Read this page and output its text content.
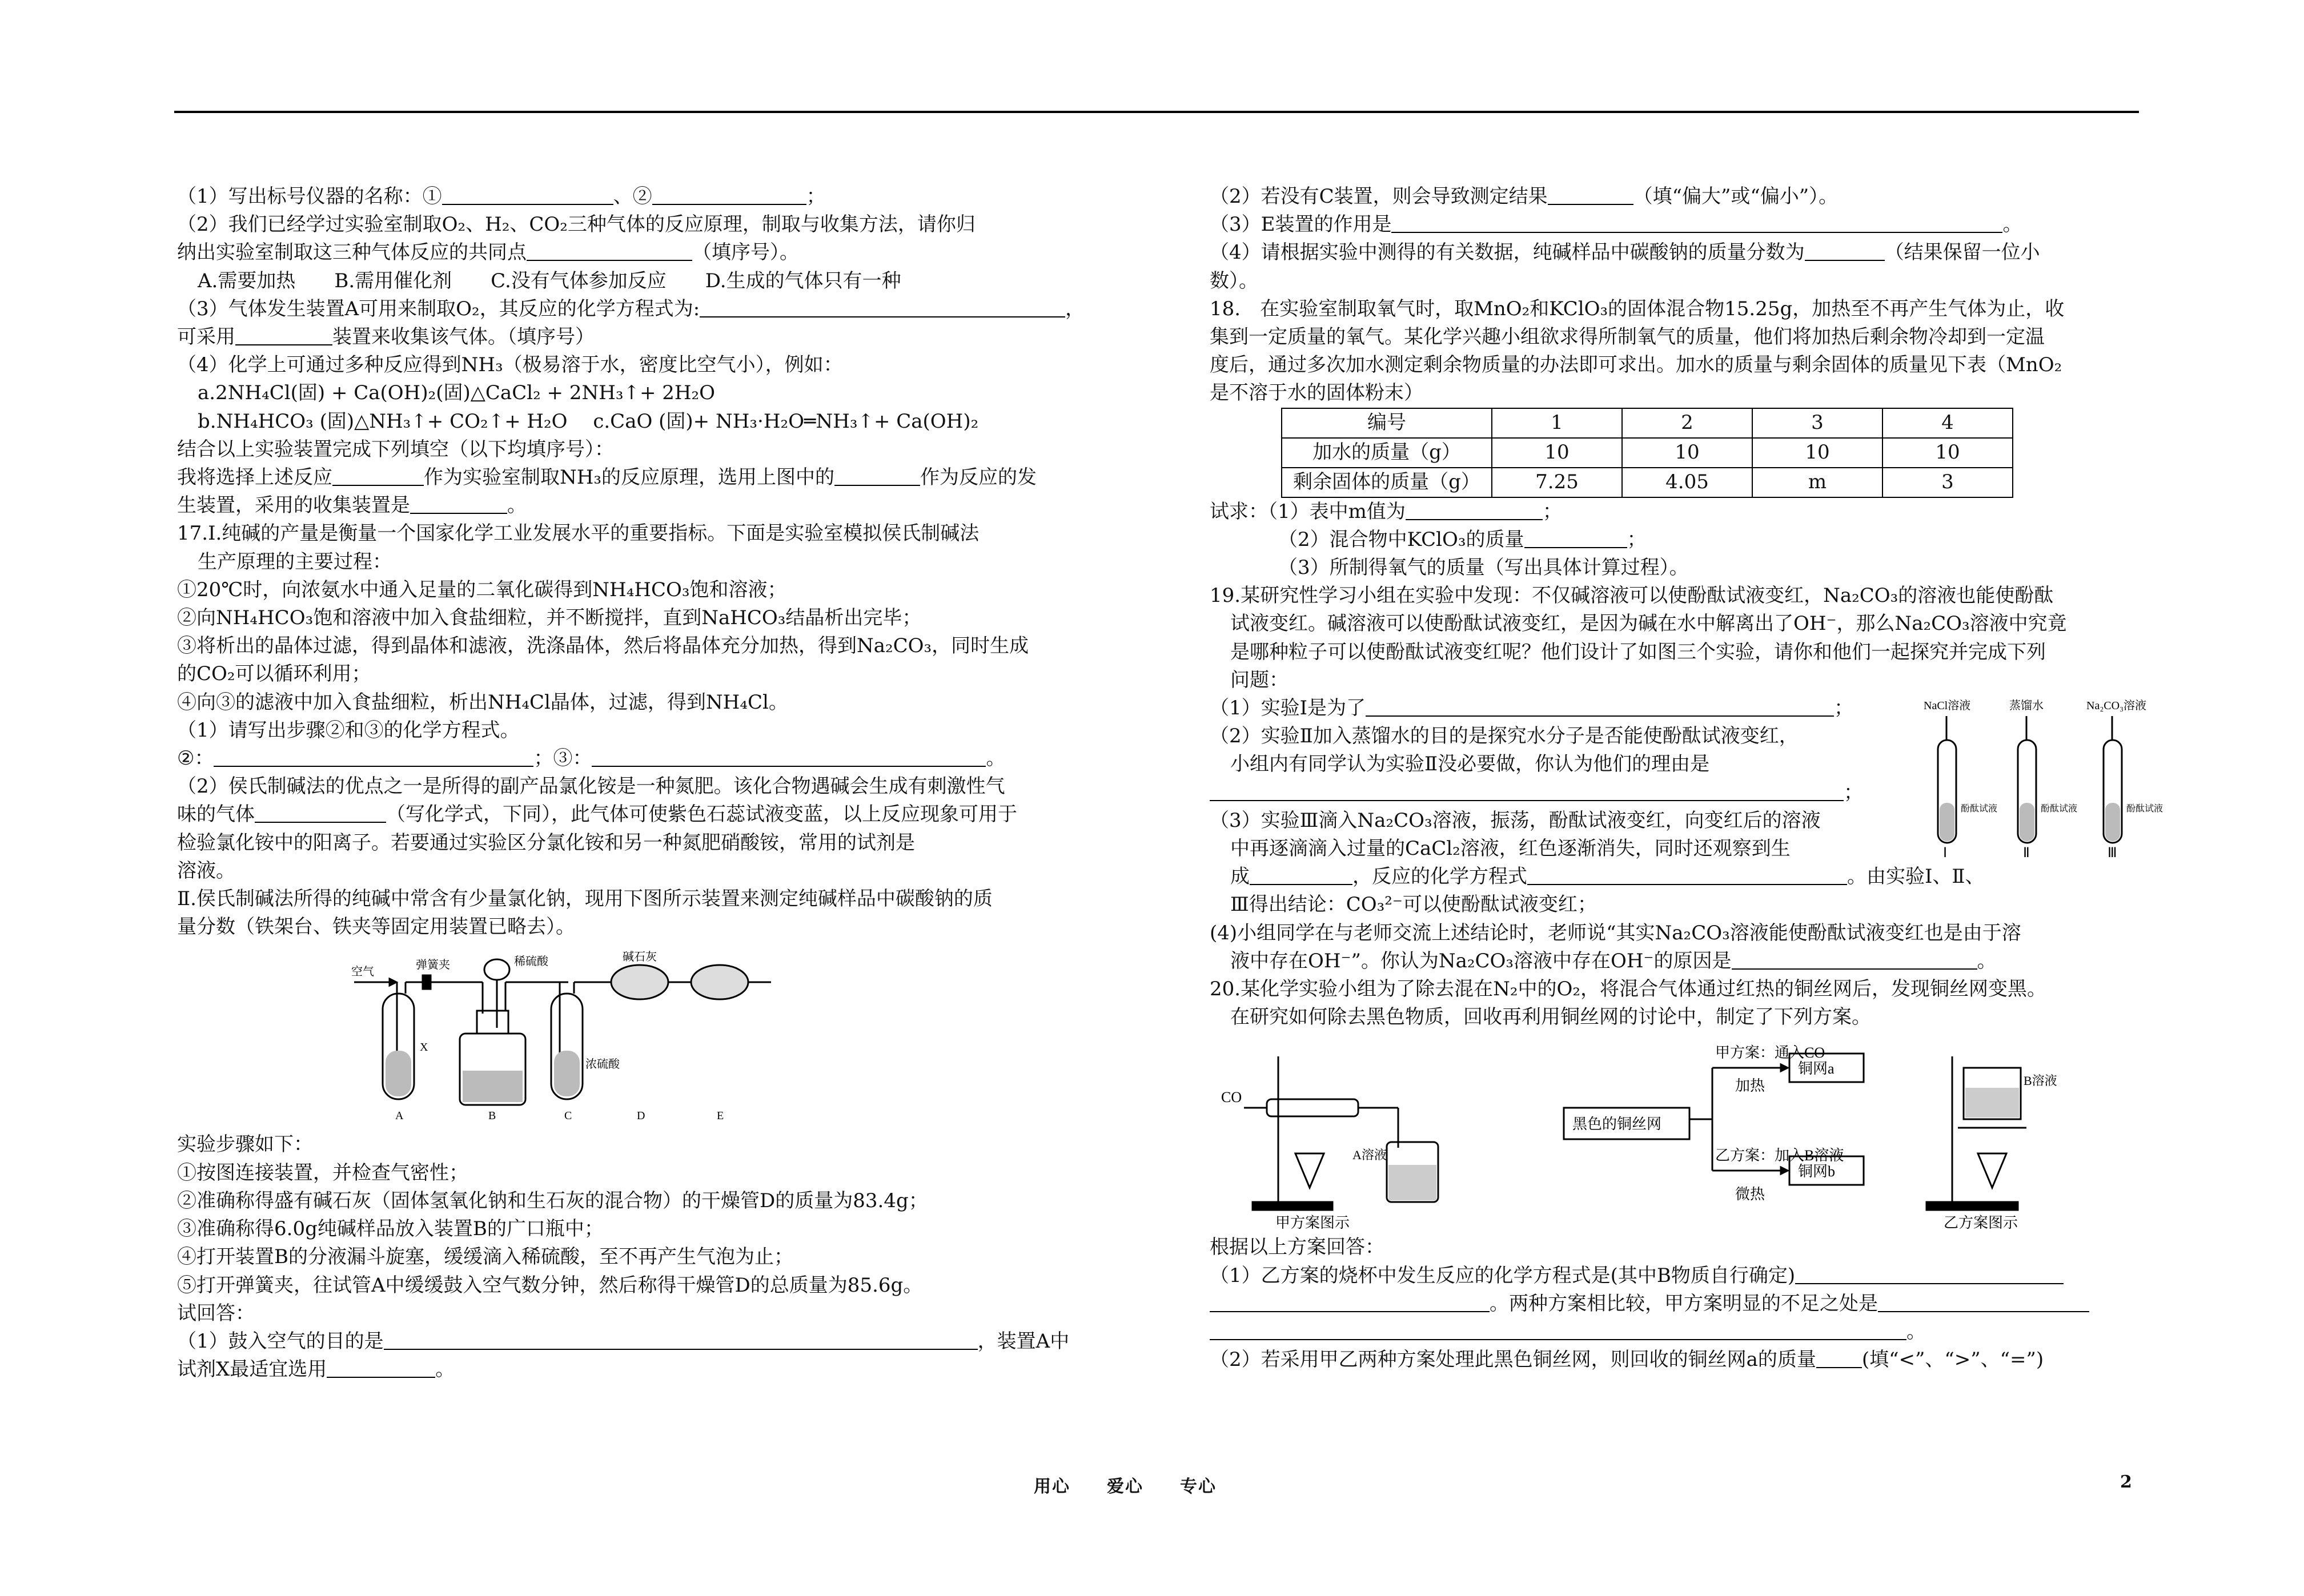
（1）写出标号仪器的名称：①	、②	；
（2）我们已经学过实验室制取O₂、H₂、CO₂三种气体的反应原理，制取与收集方法，请你归
纳出实验室制取这三种气体反应的共同点	（填序号）。
A.需要加热　　B.需用催化剂　　C.没有气体参加反应　　D.生成的气体只有一种
（3）气体发生装置A可用来制取O₂，其反应的化学方程式为:	，
可采用	装置来收集该气体。（填序号）
（4）化学上可通过多种反应得到NH₃（极易溶于水，密度比空气小），例如：
a.2NH₄Cl(固) + Ca(OH)₂(固)△CaCl₂ + 2NH₃↑+ 2H₂O
b.NH₄HCO₃ (固)△NH₃↑+ CO₂↑+ H₂O　 c.CaO (固)+ NH₃·H₂O═NH₃↑+ Ca(OH)₂
结合以上实验装置完成下列填空（以下均填序号）：
我将选择上述反应	作为实验室制取NH₃的反应原理，选用上图中的	作为反应的发
生装置，采用的收集装置是	。
17.Ⅰ.纯碱的产量是衡量一个国家化学工业发展水平的重要指标。下面是实验室模拟侯氏制碱法
生产原理的主要过程：
①20℃时，向浓氨水中通入足量的二氧化碳得到NH₄HCO₃饱和溶液；
②向NH₄HCO₃饱和溶液中加入食盐细粒，并不断搅拌，直到NaHCO₃结晶析出完毕；
③将析出的晶体过滤，得到晶体和滤液，洗涤晶体，然后将晶体充分加热，得到Na₂CO₃，同时生成
的CO₂可以循环利用；
④向③的滤液中加入食盐细粒，析出NH₄Cl晶体，过滤，得到NH₄Cl。
（1）请写出步骤②和③的化学方程式。
②：	；③：	。
（2）侯氏制碱法的优点之一是所得的副产品氯化铵是一种氮肥。该化合物遇碱会生成有刺激性气
味的气体	（写化学式，下同），此气体可使紫色石蕊试液变蓝，以上反应现象可用于
检验氯化铵中的阳离子。若要通过实验区分氯化铵和另一种氮肥硝酸铵，常用的试剂是
溶液。
Ⅱ.侯氏制碱法所得的纯碱中常含有少量氯化钠，现用下图所示装置来测定纯碱样品中碳酸钠的质
量分数（铁架台、铁夹等固定用装置已略去）。
空气
弹簧夹	稀硫酸	碱石灰
X
浓硫酸
A	B	C	D	E
实验步骤如下：
①按图连接装置，并检查气密性；
②准确称得盛有碱石灰（固体氢氧化钠和生石灰的混合物）的干燥管D的质量为83.4g；
③准确称得6.0g纯碱样品放入装置B的广口瓶中；
④打开装置B的分液漏斗旋塞，缓缓滴入稀硫酸，至不再产生气泡为止；
⑤打开弹簧夹，往试管A中缓缓鼓入空气数分钟，然后称得干燥管D的总质量为85.6g。
试回答：
（1）鼓入空气的目的是	，装置A中
试剂X最适宜选用	。
（2）若没有C装置，则会导致测定结果	（填“偏大”或“偏小”）。
（3）E装置的作用是	。
（4）请根据实验中测得的有关数据，纯碱样品中碳酸钠的质量分数为	（结果保留一位小
数）。
18.　在实验室制取氧气时，取MnO₂和KClO₃的固体混合物15.25g，加热至不再产生气体为止，收
集到一定质量的氧气。某化学兴趣小组欲求得所制氧气的质量，他们将加热后剩余物冷却到一定温
度后，通过多次加水测定剩余物质量的办法即可求出。加水的质量与剩余固体的质量见下表（MnO₂
是不溶于水的固体粉末）
编号	1	2	3	4
加水的质量（g）	10	10	10	10
剩余固体的质量（g）	7.25	4.05	m	3
试求：（1）表中m值为	；
（2）混合物中KClO₃的质量	；
（3）所制得氧气的质量（写出具体计算过程）。
19.某研究性学习小组在实验中发现：不仅碱溶液可以使酚酞试液变红，Na₂CO₃的溶液也能使酚酞
试液变红。碱溶液可以使酚酞试液变红，是因为碱在水中解离出了OH⁻，那么Na₂CO₃溶液中究竟
是哪种粒子可以使酚酞试液变红呢？他们设计了如图三个实验，请你和他们一起探究并完成下列
问题：
（1）实验Ⅰ是为了	；
（2）实验Ⅱ加入蒸馏水的目的是探究水分子是否能使酚酞试液变红，
小组内有同学认为实验Ⅱ没必要做，你认为他们的理由是
；
（3）实验Ⅲ滴入Na₂CO₃溶液，振荡，酚酞试液变红，向变红后的溶液
中再逐滴滴入过量的CaCl₂溶液，红色逐渐消失，同时还观察到生
NaCl溶液	蒸馏水	Na₂CO₃溶液
酚酞试液	酚酞试液	酚酞试液
Ⅰ	Ⅱ	Ⅲ
成	，反应的化学方程式	。由实验Ⅰ、Ⅱ、
Ⅲ得出结论：CO₃²⁻可以使酚酞试液变红；
(4)小组同学在与老师交流上述结论时，老师说“其实Na₂CO₃溶液能使酚酞试液变红也是由于溶
液中存在OH⁻”。你认为Na₂CO₃溶液中存在OH⁻的原因是	。
20.某化学实验小组为了除去混在N₂中的O₂，将混合气体通过红热的铜丝网后，发现铜丝网变黑。
在研究如何除去黑色物质，回收再利用铜丝网的讨论中，制定了下列方案。
CO
A溶液
甲方案图示	乙方案图示
黑色的铜丝网
甲方案：通入CO
加热
乙方案：加入B溶液
微热
铜网a
铜网b
B溶液
根据以上方案回答：
（1）乙方案的烧杯中发生反应的化学方程式是(其中B物质自行确定)
。两种方案相比较，甲方案明显的不足之处是
。
（2）若采用甲乙两种方案处理此黑色铜丝网，则回收的铜丝网a的质量 (填“<”、“>”、“=”)
用心　　爱心　　专心	2
